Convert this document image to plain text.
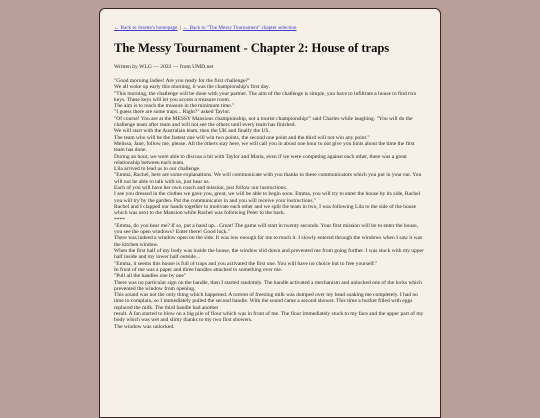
← Back to Josette's homepage | ← Back to "The Messy Tournament" chapter selection
The Messy Tournament - Chapter 2: House of traps
Written by WLG — 2022 — from UMD.net

"Good morning ladies! Are you ready for the first challenge?"

We all woke up early this morning, it was the championship's first day.

"This morning, the challenge will be done with your partner. The aim of the challenge is simple, you have to infiltrate a house to find two keys. These keys will let you access a treasure room.

The aim is to reach the treasure in the minimum time."

"I guess there are some traps... Right?" asked Taylor.

"Of course! You are at the MESSY Mansions championship, not a tourist championship!" said Charles while laughing. "You will do the challenge team after team and will not see the others until every team has finished.

We will start with the Australian team, then the UK and finally the US.

The team who will be the fastest one will win two points, the second one point and the third will not win any point."

Melissa, Jane, follow me, please. All the others stay here, we will call you in about one hour to not give you hints about the time the first team has done.

During an hour, we were able to discuss a bit with Taylor and Maria, even if we were competing against each other, there was a great relationship between each team.

Lila arrived to lead us to our challenge.

"Emma, Rachel, here are some explanations. We will communicate with you thanks to these communicators which you put in your ear. You will not be able to talk with us, just hear us.

Each of you will have her own coach and mission, just follow our instructions.

I see you dressed in the clothes we gave you, great, we will be able to begin soon. Emma, you will try to enter the house by its side, Rachel you will try by the garden. Put the communicator in and you will receive your instructions."

Rachel and I clapped our hands together to motivate each other and we split the team in two, I was following Lila to the side of the house which was next to the Mansion while Rachel was following Peter to the back.

****

"Emma, do you hear me? If so, put a hand up... Great! The game will start in twenty seconds. Your first mission will be to enter the house, you see the open windows? Enter there! Good luck."

There was indeed a window open on the side. It was low enough for me to reach it. I slowly entered through the windows when I saw it was the kitchen window.

When the first half of my body was inside the house, the window slid down and prevented me from going further. I was stuck with my upper half inside and my lower half outside...

"Emma, it seems this house is full of traps and you activated the first one. You will have no choice but to free yourself."

In front of me was a paper and three handles attached to something over me.

"Pull all the handles one by one"

There was no particular sign on the handle, then I started randomly. The handle activated a mechanism and unlocked one of the locks which prevented the window from opening.

This sound was not the only thing which happened. A torrent of freezing milk was dumped over my head soaking me completely. I had no time to complain, so I immediately pulled the second handle. With the sound came a second shower. This time a bucket filled with eggs replaced the milk. The third handle had another

result. A fan started to blow on a big pile of flour which was in front of me. The flour immediately stuck to my face and the upper part of my body which was wet and slimy thanks to my two first showers.

The window was unlocked.
